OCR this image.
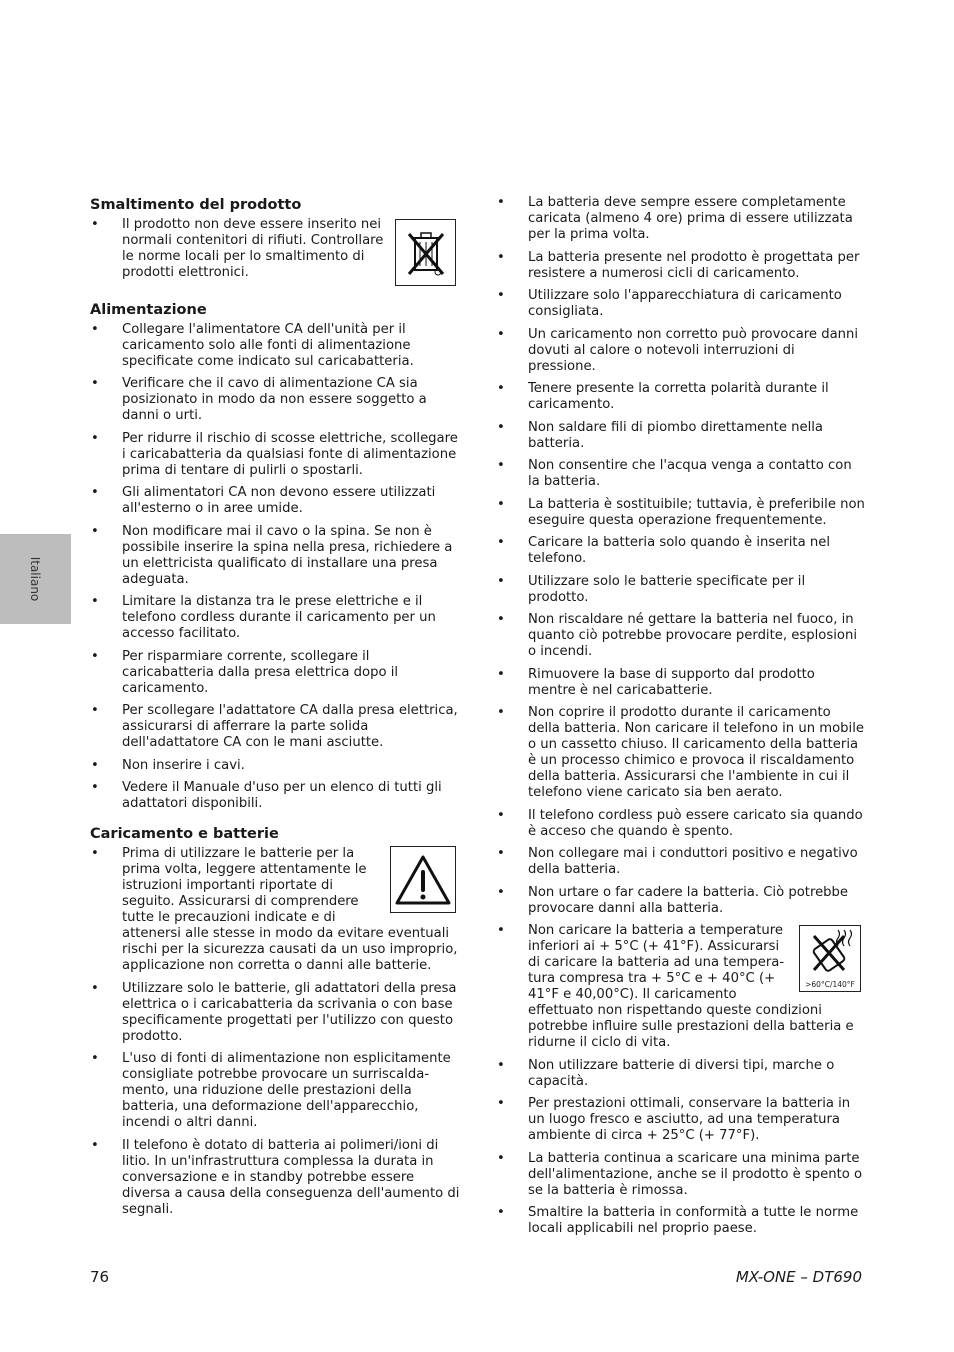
Italiano
Smaltimento del prodotto
• Il prodotto non deve essere inserito nei normali contenitori di rifiuti. Controllare le norme locali per lo smaltimento di prodotti elettronici.
Alimentazione
• Collegare l'alimentatore CA dell'unità per il caricamento solo alle fonti di alimentazione specificate come indicato sul caricabatteria.
• Verificare che il cavo di alimentazione CA sia posizionato in modo da non essere soggetto a danni o urti.
• Per ridurre il rischio di scosse elettriche, scollegare i caricabatteria da qualsiasi fonte di alimentazione prima di tentare di pulirli o spostarli.
• Gli alimentatori CA non devono essere utilizzati all'esterno o in aree umide.
• Non modificare mai il cavo o la spina. Se non è possibile inserire la spina nella presa, richiedere a un elettricista qualificato di installare una presa adeguata.
• Limitare la distanza tra le prese elettriche e il telefono cordless durante il caricamento per un accesso facilitato.
• Per risparmiare corrente, scollegare il caricabatteria dalla presa elettrica dopo il caricamento.
• Per scollegare l'adattatore CA dalla presa elettrica, assicurarsi di afferrare la parte solida dell'adattatore CA con le mani asciutte.
• Non inserire i cavi.
• Vedere il Manuale d'uso per un elenco di tutti gli adattatori disponibili.
Caricamento e batterie
• Prima di utilizzare le batterie per la prima volta, leggere attentamente le istruzioni importanti riportate di seguito. Assicurarsi di comprendere tutte le precauzioni indicate e di attenersi alle stesse in modo da evitare eventuali rischi per la sicurezza causati da un uso improprio, applicazione non corretta o danni alle batterie.
• Utilizzare solo le batterie, gli adattatori della presa elettrica o i caricabatteria da scrivania o con base specificamente progettati per l'utilizzo con questo prodotto.
• L'uso di fonti di alimentazione non esplicitamente consigliate potrebbe provocare un surriscalda-mento, una riduzione delle prestazioni della batteria, una deformazione dell'apparecchio, incendi o altri danni.
• Il telefono è dotato di batteria ai polimeri/ioni di litio. In un'infrastruttura complessa la durata in conversazione e in standby potrebbe essere diversa a causa della conseguenza dell'aumento di segnali.
• La batteria deve sempre essere completamente caricata (almeno 4 ore) prima di essere utilizzata per la prima volta.
• La batteria presente nel prodotto è progettata per resistere a numerosi cicli di caricamento.
• Utilizzare solo l'apparecchiatura di caricamento consigliata.
• Un caricamento non corretto può provocare danni dovuti al calore o notevoli interruzioni di pressione.
• Tenere presente la corretta polarità durante il caricamento.
• Non saldare fili di piombo direttamente nella batteria.
• Non consentire che l'acqua venga a contatto con la batteria.
• La batteria è sostituibile; tuttavia, è preferibile non eseguire questa operazione frequentemente.
• Caricare la batteria solo quando è inserita nel telefono.
• Utilizzare solo le batterie specificate per il prodotto.
• Non riscaldare né gettare la batteria nel fuoco, in quanto ciò potrebbe provocare perdite, esplosioni o incendi.
• Rimuovere la base di supporto dal prodotto mentre è nel caricabatterie.
• Non coprire il prodotto durante il caricamento della batteria. Non caricare il telefono in un mobile o un cassetto chiuso. Il caricamento della batteria è un processo chimico e provoca il riscaldamento della batteria. Assicurarsi che l'ambiente in cui il telefono viene caricato sia ben aerato.
• Il telefono cordless può essere caricato sia quando è acceso che quando è spento.
• Non collegare mai i conduttori positivo e negativo della batteria.
• Non urtare o far cadere la batteria. Ciò potrebbe provocare danni alla batteria.
• >60°C/140°F
Non caricare la batteria a temperature inferiori ai + 5°C (+ 41°F). Assicurarsi di caricare la batteria ad una tempera-tura compresa tra + 5°C e + 40°C (+ 41°F e 40,00°C). Il caricamento effettuato non rispettando queste condizioni potrebbe influire sulle prestazioni della batteria e ridurne il ciclo di vita.
• Non utilizzare batterie di diversi tipi, marche o capacità.
• Per prestazioni ottimali, conservare la batteria in un luogo fresco e asciutto, ad una temperatura ambiente di circa + 25°C (+ 77°F).
• La batteria continua a scaricare una minima parte dell'alimentazione, anche se il prodotto è spento o se la batteria è rimossa.
• Smaltire la batteria in conformità a tutte le norme locali applicabili nel proprio paese.
76	MX-ONE – DT690
